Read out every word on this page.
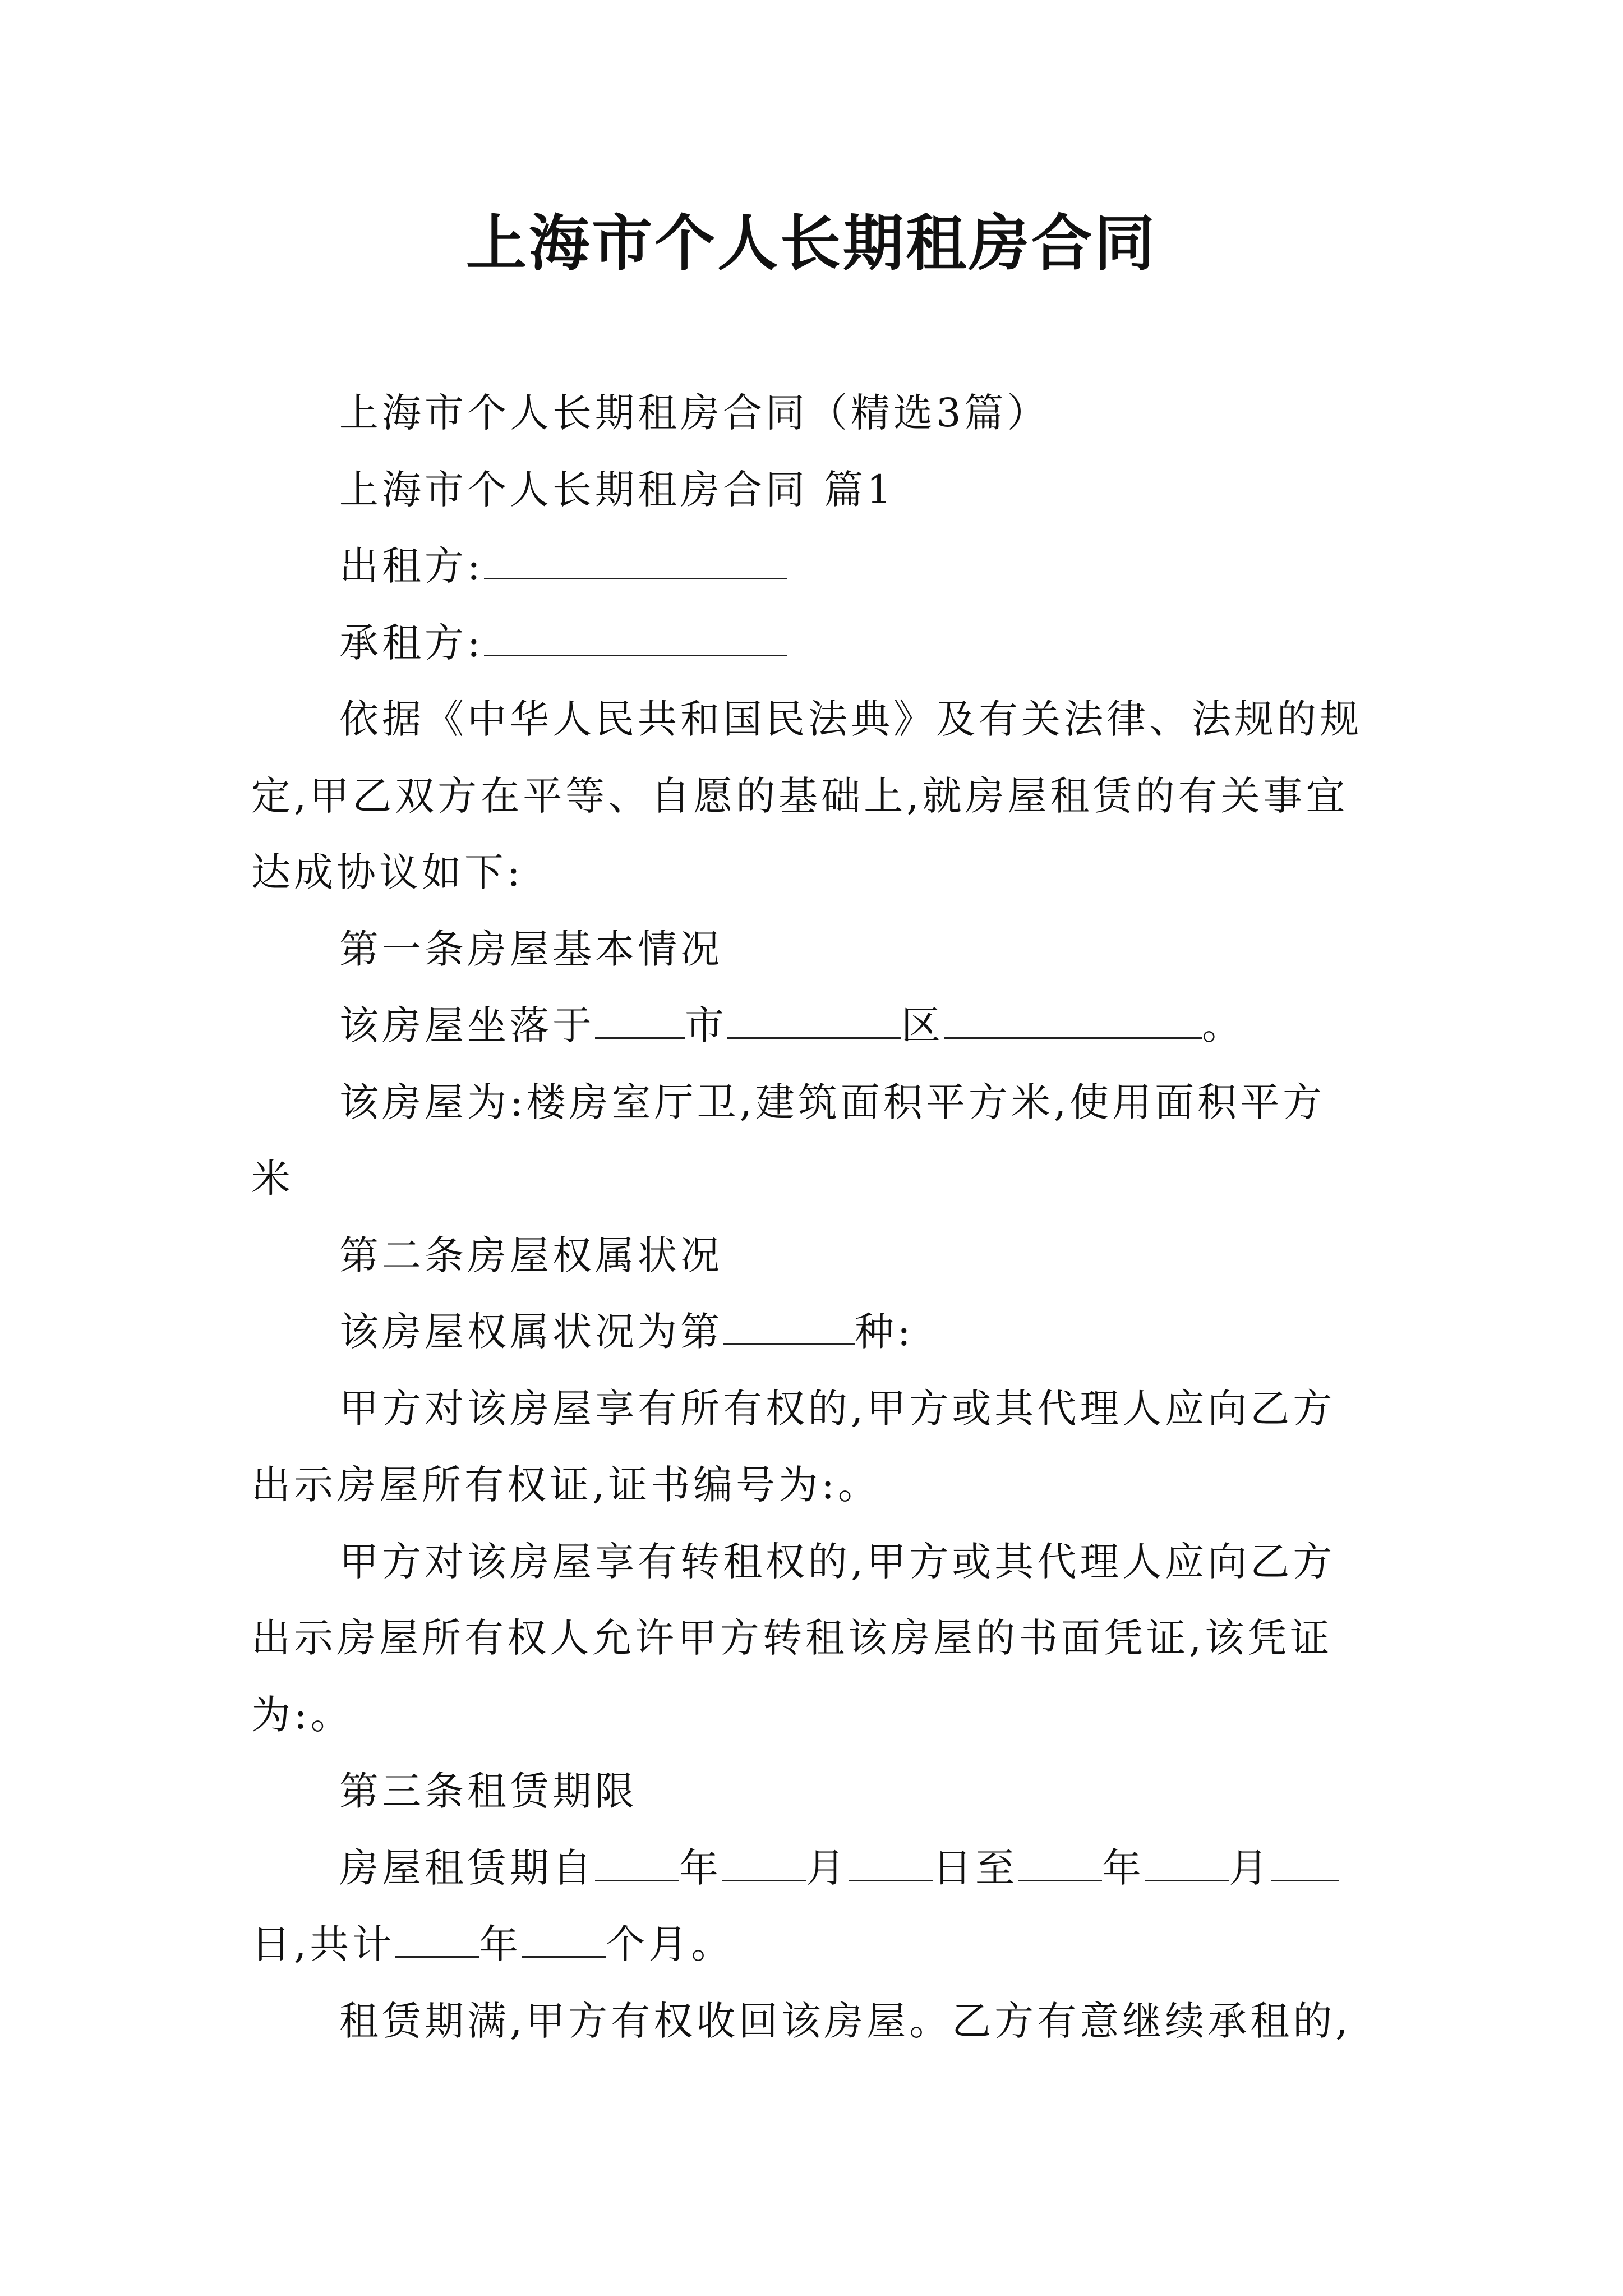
上海市个人长期租房合同
上海市个人长期租房合同（精选3篇）
上海市个人长期租房合同 篇1
出租方:
承租方:
依据《中华人民共和国民法典》及有关法律、法规的规
定,甲乙双方在平等、自愿的基础上,就房屋租赁的有关事宜
达成协议如下:
第一条房屋基本情况
该房屋坐落于 市	区	。
该房屋为:楼房室厅卫,建筑面积平方米,使用面积平方
米
第二条房屋权属状况
该房屋权属状况为第	种:
甲方对该房屋享有所有权的,甲方或其代理人应向乙方
出示房屋所有权证,证书编号为:。
甲方对该房屋享有转租权的,甲方或其代理人应向乙方
出示房屋所有权人允许甲方转租该房屋的书面凭证,该凭证
为:。
第三条租赁期限
房屋租赁期自 年 月 日至 年 月
日,共计 年 个月。
租赁期满,甲方有权收回该房屋。乙方有意继续承租的,
